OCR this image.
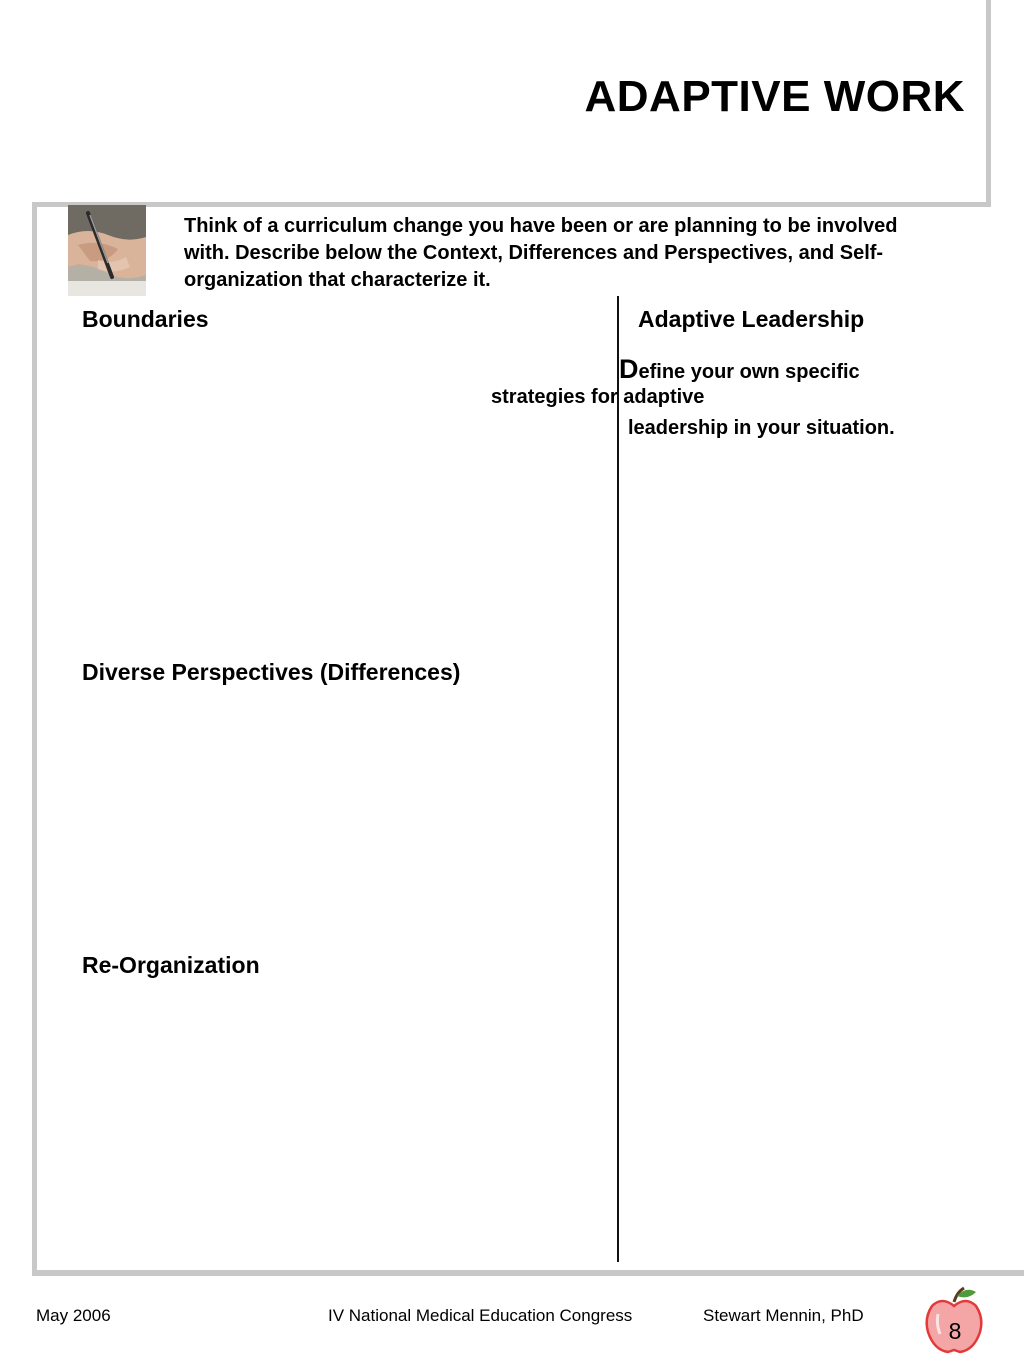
ADAPTIVE WORK
Think of a curriculum change you have been or are planning to be involved with. Describe below the Context, Differences and Perspectives, and Self-organization that characterize it.
Boundaries	Adaptive Leadership
Diverse Perspectives (Differences)
Re-Organization
Define your own specific
strategies for adaptive
leadership in your situation.
May 2006	IV National Medical Education Congress	Stewart Mennin, PhD
8
